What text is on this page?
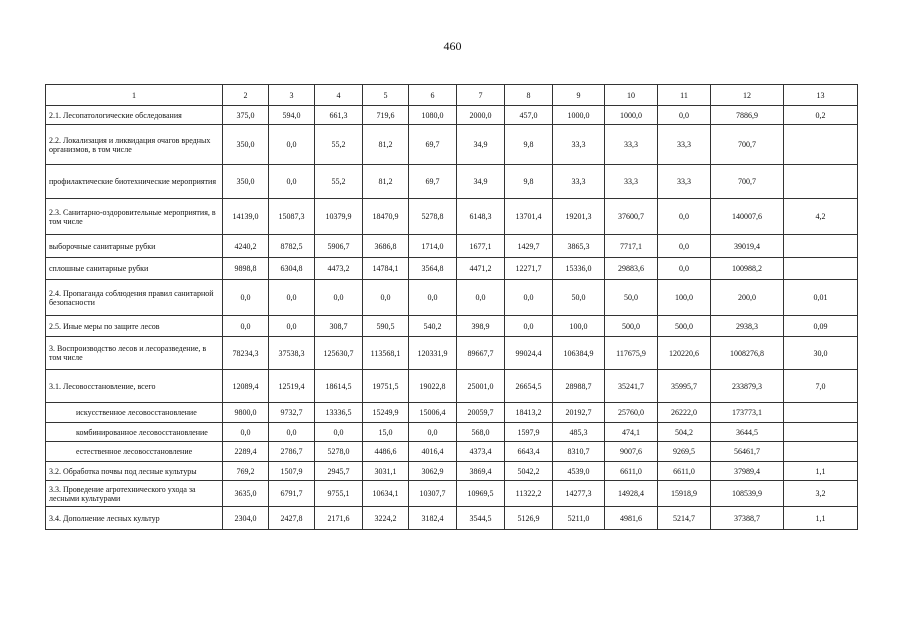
460
1	2	3	4	5	6	7	8	9	10	11	12	13
2.1. Лесопатологические обследования	375,0	594,0	661,3	719,6	1080,0	2000,0	457,0	1000,0	1000,0	0,0	7886,9	0,2
2.2. Локализация и ликвидация очагов вредных организмов, в том числе	350,0	0,0	55,2	81,2	69,7	34,9	9,8	33,3	33,3	33,3	700,7	
профилактические биотехнические мероприятия	350,0	0,0	55,2	81,2	69,7	34,9	9,8	33,3	33,3	33,3	700,7	
2.3. Санитарно-оздоровительные мероприятия, в том числе	14139,0	15087,3	10379,9	18470,9	5278,8	6148,3	13701,4	19201,3	37600,7	0,0	140007,6	4,2
выборочные санитарные рубки	4240,2	8782,5	5906,7	3686,8	1714,0	1677,1	1429,7	3865,3	7717,1	0,0	39019,4	
сплошные санитарные рубки	9898,8	6304,8	4473,2	14784,1	3564,8	4471,2	12271,7	15336,0	29883,6	0,0	100988,2	
2.4. Пропаганда соблюдения правил санитарной безопасности	0,0	0,0	0,0	0,0	0,0	0,0	0,0	50,0	50,0	100,0	200,0	0,01
2.5. Иные меры по защите лесов	0,0	0,0	308,7	590,5	540,2	398,9	0,0	100,0	500,0	500,0	2938,3	0,09
3. Воспроизводство лесов и лесоразведение, в том числе	78234,3	37538,3	125630,7	113568,1	120331,9	89667,7	99024,4	106384,9	117675,9	120220,6	1008276,8	30,0
3.1. Лесовосстановление, всего	12089,4	12519,4	18614,5	19751,5	19022,8	25001,0	26654,5	28988,7	35241,7	35995,7	233879,3	7,0
искусственное лесовосстановление	9800,0	9732,7	13336,5	15249,9	15006,4	20059,7	18413,2	20192,7	25760,0	26222,0	173773,1	
комбинированное лесовосстановление	0,0	0,0	0,0	15,0	0,0	568,0	1597,9	485,3	474,1	504,2	3644,5	
естественное лесовосстановление	2289,4	2786,7	5278,0	4486,6	4016,4	4373,4	6643,4	8310,7	9007,6	9269,5	56461,7	
3.2. Обработка почвы под лесные культуры	769,2	1507,9	2945,7	3031,1	3062,9	3869,4	5042,2	4539,0	6611,0	6611,0	37989,4	1,1
3.3. Проведение агротехнического ухода за лесными культурами	3635,0	6791,7	9755,1	10634,1	10307,7	10969,5	11322,2	14277,3	14928,4	15918,9	108539,9	3,2
3.4. Дополнение лесных культур	2304,0	2427,8	2171,6	3224,2	3182,4	3544,5	5126,9	5211,0	4981,6	5214,7	37388,7	1,1
